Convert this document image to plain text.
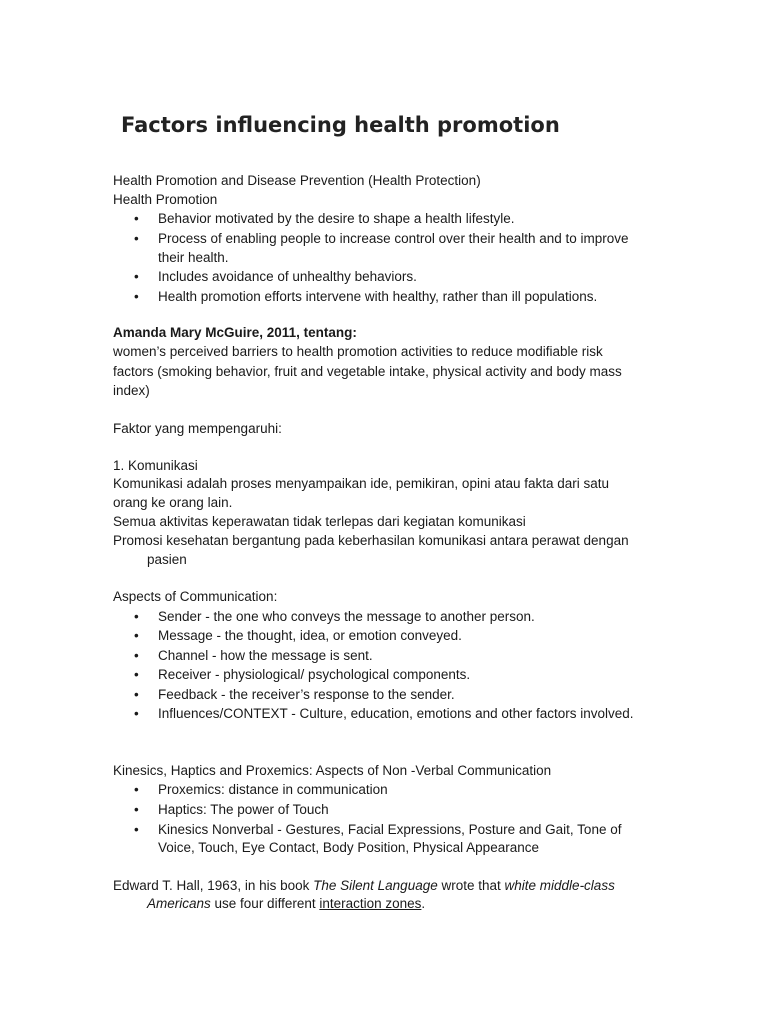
Factors influencing health promotion
Health Promotion and Disease Prevention (Health Protection)
Health Promotion
• Behavior motivated by the desire to shape a health lifestyle.
• Process of enabling people to increase control over their health and to improve
their health.
• Includes avoidance of unhealthy behaviors.
• Health promotion efforts intervene with healthy, rather than ill populations.
Amanda Mary McGuire, 2011, tentang:
women’s perceived barriers to health promotion activities to reduce modifiable risk
factors (smoking behavior, fruit and vegetable intake, physical activity and body mass
index)
Faktor yang mempengaruhi:
1. Komunikasi
Komunikasi adalah proses menyampaikan ide, pemikiran, opini atau fakta dari satu
orang ke orang lain.
Semua aktivitas keperawatan tidak terlepas dari kegiatan komunikasi
Promosi kesehatan bergantung pada keberhasilan komunikasi antara perawat dengan
pasien
Aspects of Communication:
• Sender - the one who conveys the message to another person.
• Message - the thought, idea, or emotion conveyed.
• Channel - how the message is sent.
• Receiver - physiological/ psychological components.
• Feedback - the receiver’s response to the sender.
• Influences/CONTEXT - Culture, education, emotions and other factors involved.
Kinesics, Haptics and Proxemics: Aspects of Non -Verbal Communication
• Proxemics: distance in communication
• Haptics: The power of Touch
• Kinesics Nonverbal - Gestures, Facial Expressions, Posture and Gait, Tone of
Voice, Touch, Eye Contact, Body Position, Physical Appearance
Edward T. Hall, 1963, in his book The Silent Language wrote that white middle-class
Americans use four different interaction zones.
